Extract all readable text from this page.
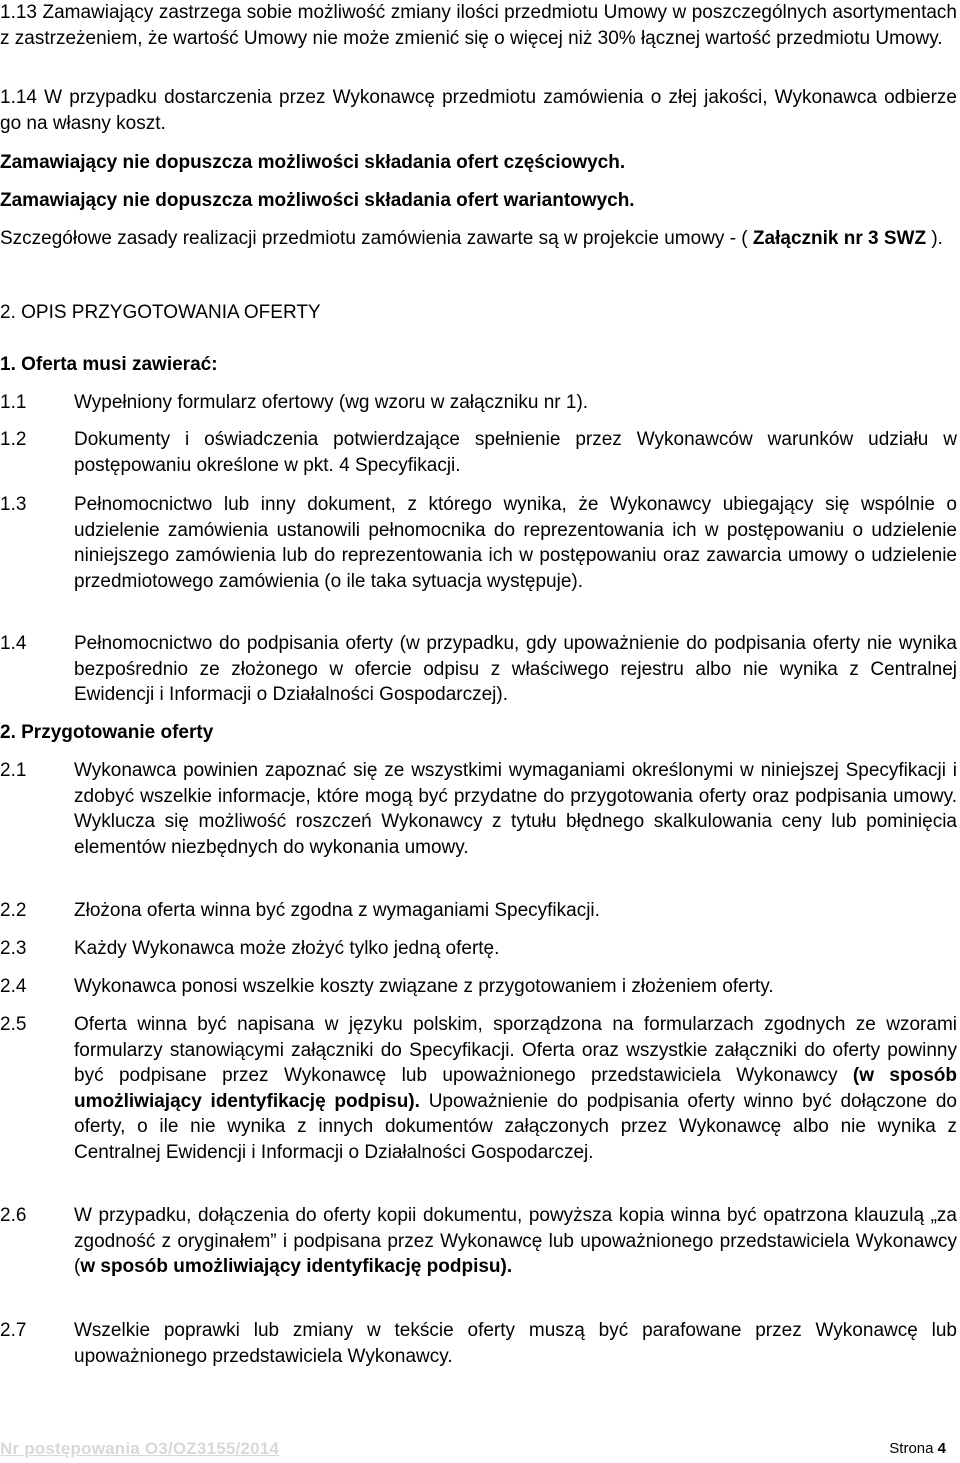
1.13 Zamawiający zastrzega sobie możliwość zmiany ilości przedmiotu Umowy w poszczególnych asortymentach z zastrzeżeniem, że wartość Umowy nie może zmienić się o więcej niż 30% łącznej wartość przedmiotu Umowy.
1.14 W przypadku dostarczenia przez Wykonawcę przedmiotu zamówienia o złej jakości, Wykonawca odbierze go na własny koszt.
Zamawiający nie dopuszcza możliwości składania ofert częściowych.
Zamawiający nie dopuszcza możliwości składania ofert wariantowych.
Szczegółowe zasady realizacji przedmiotu zamówienia zawarte są w projekcie umowy - ( Załącznik nr 3 SWZ ).
2. OPIS PRZYGOTOWANIA OFERTY
1. Oferta musi zawierać:
1.1	Wypełniony formularz ofertowy (wg wzoru w załączniku nr 1).
1.2	Dokumenty i oświadczenia potwierdzające spełnienie przez Wykonawców warunków udziału w postępowaniu określone w pkt. 4 Specyfikacji.
1.3	Pełnomocnictwo lub inny dokument, z którego wynika, że Wykonawcy ubiegający się wspólnie o udzielenie zamówienia ustanowili pełnomocnika do reprezentowania ich w postępowaniu o udzielenie niniejszego zamówienia lub do reprezentowania ich w postępowaniu oraz zawarcia umowy o udzielenie przedmiotowego zamówienia (o ile taka sytuacja występuje).
1.4	Pełnomocnictwo do podpisania oferty (w przypadku, gdy upoważnienie do podpisania oferty nie wynika bezpośrednio ze złożonego w ofercie odpisu z właściwego rejestru albo nie wynika z Centralnej Ewidencji i Informacji o Działalności Gospodarczej).
2. Przygotowanie oferty
2.1	Wykonawca powinien zapoznać się ze wszystkimi wymaganiami określonymi w niniejszej Specyfikacji i zdobyć wszelkie informacje, które mogą być przydatne do przygotowania oferty oraz podpisania umowy. Wyklucza się możliwość roszczeń Wykonawcy z tytułu błędnego skalkulowania ceny lub pominięcia elementów niezbędnych do wykonania umowy.
2.2	Złożona oferta winna być zgodna z wymaganiami Specyfikacji.
2.3	Każdy Wykonawca może złożyć tylko jedną ofertę.
2.4	Wykonawca ponosi wszelkie koszty związane z przygotowaniem i złożeniem oferty.
2.5	Oferta winna być napisana w języku polskim, sporządzona na formularzach zgodnych ze wzorami formularzy stanowiącymi załączniki do Specyfikacji. Oferta oraz wszystkie załączniki do oferty powinny być podpisane przez Wykonawcę lub upoważnionego przedstawiciela Wykonawcy (w sposób umożliwiający identyfikację podpisu). Upoważnienie do podpisania oferty winno być dołączone do oferty, o ile nie wynika z innych dokumentów załączonych przez Wykonawcę albo nie wynika z Centralnej Ewidencji i Informacji o Działalności Gospodarczej.
2.6	W przypadku, dołączenia do oferty kopii dokumentu, powyższa kopia winna być opatrzona klauzulą „za zgodność z oryginałem” i podpisana przez Wykonawcę lub upoważnionego przedstawiciela Wykonawcy (w sposób umożliwiający identyfikację podpisu).
2.7	Wszelkie poprawki lub zmiany w tekście oferty muszą być parafowane przez Wykonawcę lub upoważnionego przedstawiciela Wykonawcy.
Nr postępowania O3/OZ3155/2014	Strona 4
